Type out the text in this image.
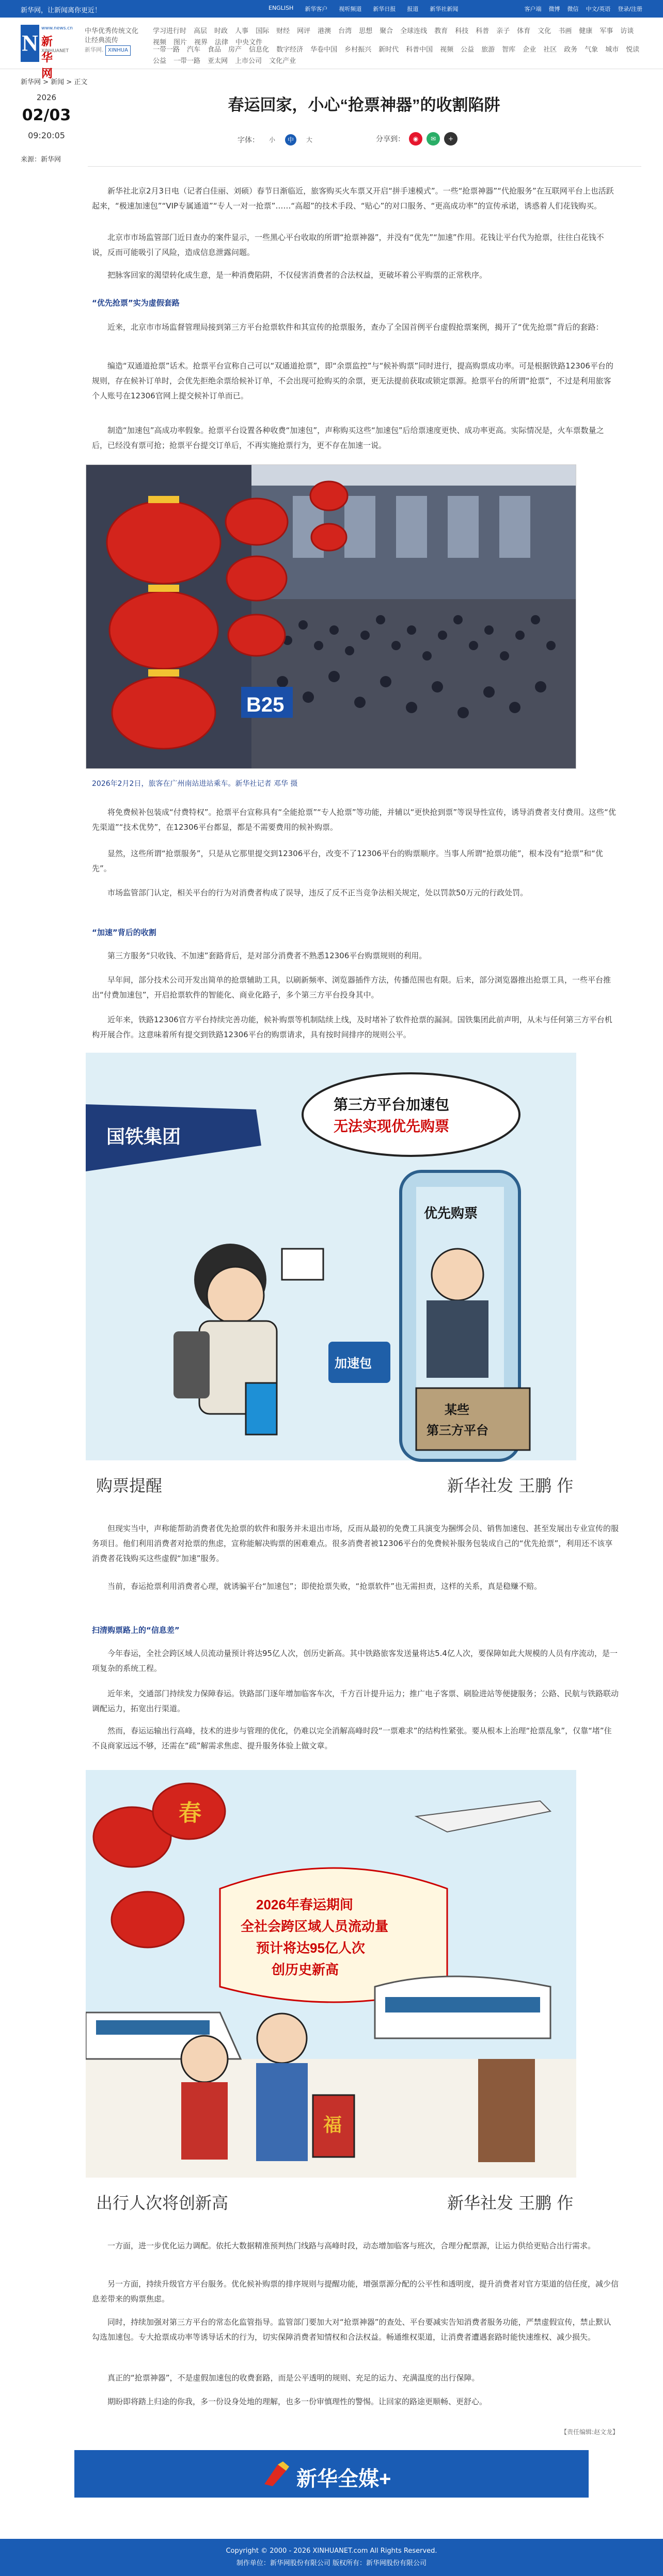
新华网，让新闻离你更近！	ENGLISH 新华客户 视听频道 新华日报 报道 新华社新闻	客户端 微博 微信 中文/英语 登录/注册
N
www.news.cn
新华网
XINHUANET
中华优秀传统文化
让经典流传
新华网. XINHUA
学习进行时 高层 时政 人事 国际 财经 网评 港澳 台湾 思想 聚合 全球连线 教育 科技 科普 亲子 体育 文化 书画 健康 军事 访谈
视频 图片 视界 法律 中央文件
一带一路 汽车 食品 房产 信息化 数字经济 华卷中国 乡村振兴 新时代 科普中国 视频 公益 旅游 智库 企业 社区 政务 气象 城市 悦读
公益 一带一路 亚太网 上市公司 文化产业
新华网 > 新闻 > 正文
2026
02/03
09:20:05
来源：新华网
春运回家，小心“抢票神器”的收割陷阱
字体：	小	中	大	分享到：	◉	✉	+
新华社北京2月3日电（记者白佳丽、刘硕）春节日渐临近，旅客购买火车票又开启“拼手速模式”。一些“抢票神器”“代抢服务”在互联网平台上也活跃起来，“极速加速包”“VIP专属通道”“专人一对一抢票”……“高超”的技术手段、“贴心”的对口服务、“更高成功率”的宣传承诺，诱惑着人们花钱购买。
北京市市场监管部门近日查办的案件显示，一些黑心平台收取的所谓“抢票神器”，并没有“优先”“加速”作用。花钱让平台代为抢票，往往白花钱不说，反而可能吸引了风险，造成信息泄露问题。
把脉客回家的渴望转化成生意，是一种消费陷阱，不仅侵害消费者的合法权益，更破坏着公平购票的正常秩序。
“优先抢票”实为虚假套路
近来，北京市市场监督管理局接到第三方平台抢票软件和其宣传的抢票服务，查办了全国首例平台虚假抢票案例，揭开了“优先抢票”背后的套路：
编造“双通道抢票”话术。抢票平台宣称自己可以“双通道抢票”，即“余票监控”与“候补购票”同时进行，提高购票成功率。可是根据铁路12306平台的规则，存在候补订单时，会优先拒绝余票给候补订单，不会出现可抢购买的余票，更无法提前获取或锁定票源。抢票平台的所谓“抢票”，不过是利用旅客个人账号在12306官网上提交候补订单而已。
制造“加速包”高成功率假象。抢票平台设置各种收费“加速包”，声称购买这些“加速包”后给票速度更快、成功率更高。实际情况是，火车票数量之后，已经没有票可抢；抢票平台提交订单后，不再实施抢票行为，更不存在加速一说。
B25
2026年2月2日，旅客在广州南站进站乘车。新华社记者 邓华 摄
将免费候补包装成“付费特权”。抢票平台宣称具有“全能抢票”“专人抢票”等功能，并辅以“更快抢到票”等误导性宣传，诱导消费者支付费用。这些“优先渠道”“技术优势”，在12306平台都显，都是不需要费用的候补购票。
显然，这些所谓“抢票服务”，只是从它那里提交到12306平台，改变不了12306平台的购票顺序。当事人所谓“抢票功能”，根本没有“抢票”和“优先”。
市场监管部门认定，相关平台的行为对消费者构成了误导，违反了反不正当竞争法相关规定，处以罚款50万元的行政处罚。
“加速”背后的收割
第三方服务“只收钱、不加速”套路背后，是对部分消费者不熟悉12306平台购票规则的利用。
早年间，部分技术公司开发出简单的抢票辅助工具，以刷新频率、浏览器插件方法，传播范围也有限。后来，部分浏览器推出抢票工具，一些平台推出“付费加速包”，开启抢票软件的智能化、商业化路子，多个第三方平台投身其中。
近年来，铁路12306官方平台持续完善功能，候补购票等机制陆续上线，及时堵补了软件抢票的漏洞。国铁集团此前声明，从未与任何第三方平台机构开展合作。这意味着所有提交到铁路12306平台的购票请求，具有按时间排序的规则公平。
国铁集团
第三方平台加速包
无法实现优先购票
优先购票
某些
第三方平台
加速包
购票提醒	新华社发 王鹏 作
但现实当中，声称能帮助消费者优先抢票的软件和服务并未退出市场，反而从最初的免费工具演变为捆绑会员、销售加速包、甚至发展出专业宣传的服务项目。他们利用消费者对抢票的焦虑，宣称能解决购票的困难难点。很多消费者被12306平台的免费候补服务包装成自己的“优先抢票”，利用还不该享消费者花钱购买这些虚假“加速”服务。
当前，春运抢票利用消费者心理，就诱骗平台“加速包”；即使抢票失败，“抢票软件”也无需担责，这样的关系，真是稳赚不赔。
扫清购票路上的“信息差”
今年春运，全社会跨区域人员流动量预计将达95亿人次，创历史新高。其中铁路旅客发送量将达5.4亿人次，要保障如此大规模的人员有序流动，是一项复杂的系统工程。
近年来，交通部门持续发力保障春运。铁路部门逐年增加临客车次，千方百计提升运力；推广电子客票、刷脸进站等便捷服务；公路、民航与铁路联动调配运力，拓宽出行渠道。
然而，春运运输出行高峰，技术的进步与管理的优化，仍难以完全消解高峰时段“一票难求”的结构性紧张。要从根本上治理“抢票乱象”，仅靠“堵”住不良商家远远不够，还需在“疏”解需求焦虑、提升服务体验上做文章。
2026年春运期间
全社会跨区域人员流动量
预计将达95亿人次
创历史新高
春
福
出行人次将创新高	新华社发 王鹏 作
一方面，进一步优化运力调配。依托大数据精准预判热门线路与高峰时段，动态增加临客与班次，合理分配票源，让运力供给更贴合出行需求。
另一方面，持续升级官方平台服务。优化候补购票的排序规则与提醒功能，增强票源分配的公平性和透明度，提升消费者对官方渠道的信任度，减少信息差带来的购票焦虑。
同时，持续加强对第三方平台的常态化监管指导。监管部门要加大对“抢票神器”的查处、平台要减实告知消费者服务功能，严禁虚假宣传，禁止默认勾选加速包。专大抢票成功率等诱导话术的行为，切实保障消费者知情权和合法权益。畅通维权渠道，让消费者遭遇套路时能快速维权、减少损失。
真正的“抢票神器”，不是虚假加速包的收费套路，而是公平透明的规则、充足的运力、充满温度的出行保障。
期盼即将踏上归途的你我，多一份设身处地的理解，也多一份审慎理性的警惕。让回家的路途更顺畅、更舒心。
【责任编辑:赵文龙】
新华全媒+
Copyright © 2000 - 2026 XINHUANET.com All Rights Reserved.
制作单位：新华网股份有限公司 版权所有：新华网股份有限公司
